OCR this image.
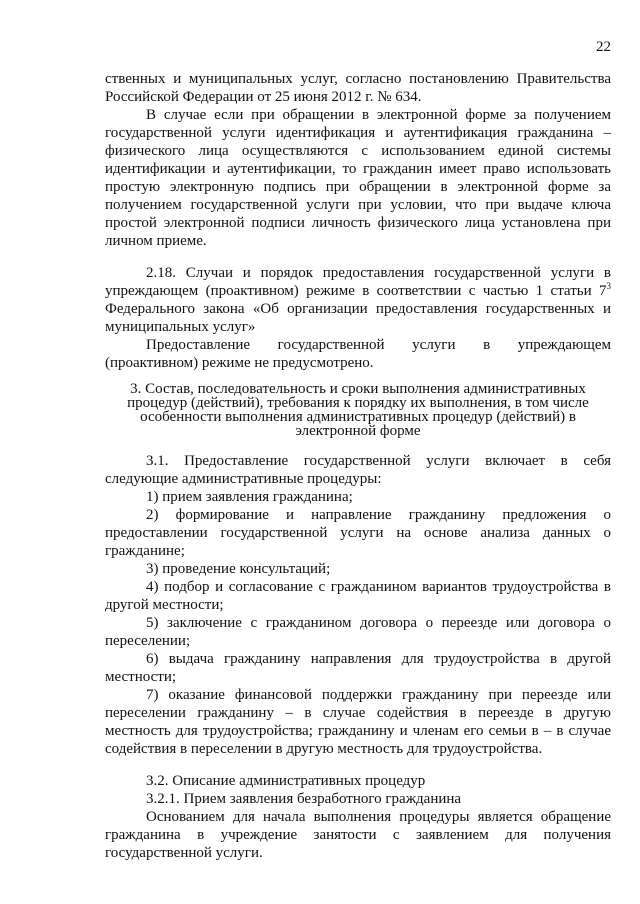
22

ственных и муниципальных услуг, согласно постановлению Правительства Российской Федерации от 25 июня 2012 г. № 634.

В случае если при обращении в электронной форме за получением государственной услуги идентификация и аутентификация гражданина – физического лица осуществляются с использованием единой системы идентификации и аутентификации, то гражданин имеет право использовать простую электронную подпись при обращении в электронной форме за получением государственной услуги при условии, что при выдаче ключа простой электронной подписи личность физического лица установлена при личном приеме.

2.18. Случаи и порядок предоставления государственной услуги в упреждающем (проактивном) режиме в соответствии с частью 1 статьи $7^3$ Федерального закона «Об организации предоставления государственных и муниципальных услуг»

Предоставление государственной услуги в упреждающем (проактивном) режиме не предусмотрено.

3. Состав, последовательность и сроки выполнения административных процедур (действий), требования к порядку их выполнения, в том числе особенности выполнения административных процедур (действий) в электронной форме

3.1. Предоставление государственной услуги включает в себя следующие административные процедуры:

1) прием заявления гражданина;

2) формирование и направление гражданину предложения о предоставлении государственной услуги на основе анализа данных о гражданине;

3) проведение консультаций;

4) подбор и согласование с гражданином вариантов трудоустройства в другой местности;

5) заключение с гражданином договора о переезде или договора о переселении;

6) выдача гражданину направления для трудоустройства в другой местности;

7) оказание финансовой поддержки гражданину при переезде или переселении гражданину – в случае содействия в переезде в другую местность для трудоустройства; гражданину и членам его семьи в – в случае содействия в переселении в другую местность для трудоустройства.

3.2. Описание административных процедур

3.2.1. Прием заявления безработного гражданина

Основанием для начала выполнения процедуры является обращение гражданина в учреждение занятости с заявлением для получения государственной услуги.
